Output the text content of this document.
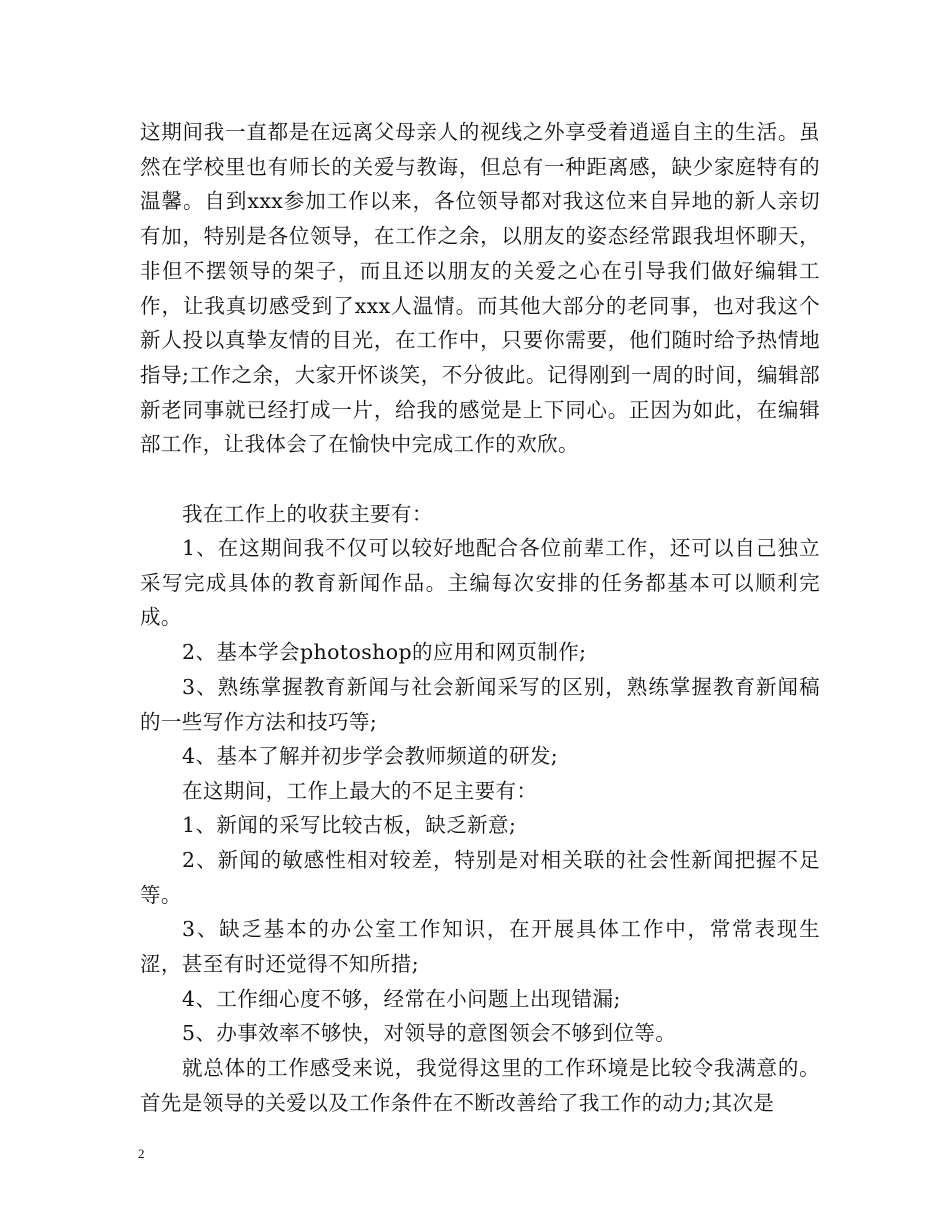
这期间我一直都是在远离父母亲人的视线之外享受着逍遥自主的生活。虽然在学校里也有师长的关爱与教诲，但总有一种距离感，缺少家庭特有的温馨。自到xxx参加工作以来，各位领导都对我这位来自异地的新人亲切有加，特别是各位领导，在工作之余，以朋友的姿态经常跟我坦怀聊天，非但不摆领导的架子，而且还以朋友的关爱之心在引导我们做好编辑工作，让我真切感受到了xxx人温情。而其他大部分的老同事，也对我这个新人投以真挚友情的目光，在工作中，只要你需要，他们随时给予热情地指导;工作之余，大家开怀谈笑，不分彼此。记得刚到一周的时间，编辑部新老同事就已经打成一片，给我的感觉是上下同心。正因为如此，在编辑部工作，让我体会了在愉快中完成工作的欢欣。

我在工作上的收获主要有：

1、在这期间我不仅可以较好地配合各位前辈工作，还可以自己独立采写完成具体的教育新闻作品。主编每次安排的任务都基本可以顺利完成。

2、基本学会photoshop的应用和网页制作;

3、熟练掌握教育新闻与社会新闻采写的区别，熟练掌握教育新闻稿的一些写作方法和技巧等;

4、基本了解并初步学会教师频道的研发;

在这期间，工作上最大的不足主要有：

1、新闻的采写比较古板，缺乏新意;

2、新闻的敏感性相对较差，特别是对相关联的社会性新闻把握不足等。

3、缺乏基本的办公室工作知识，在开展具体工作中，常常表现生涩，甚至有时还觉得不知所措;

4、工作细心度不够，经常在小问题上出现错漏;

5、办事效率不够快，对领导的意图领会不够到位等。

就总体的工作感受来说，我觉得这里的工作环境是比较令我满意的。首先是领导的关爱以及工作条件在不断改善给了我工作的动力;其次是

2
